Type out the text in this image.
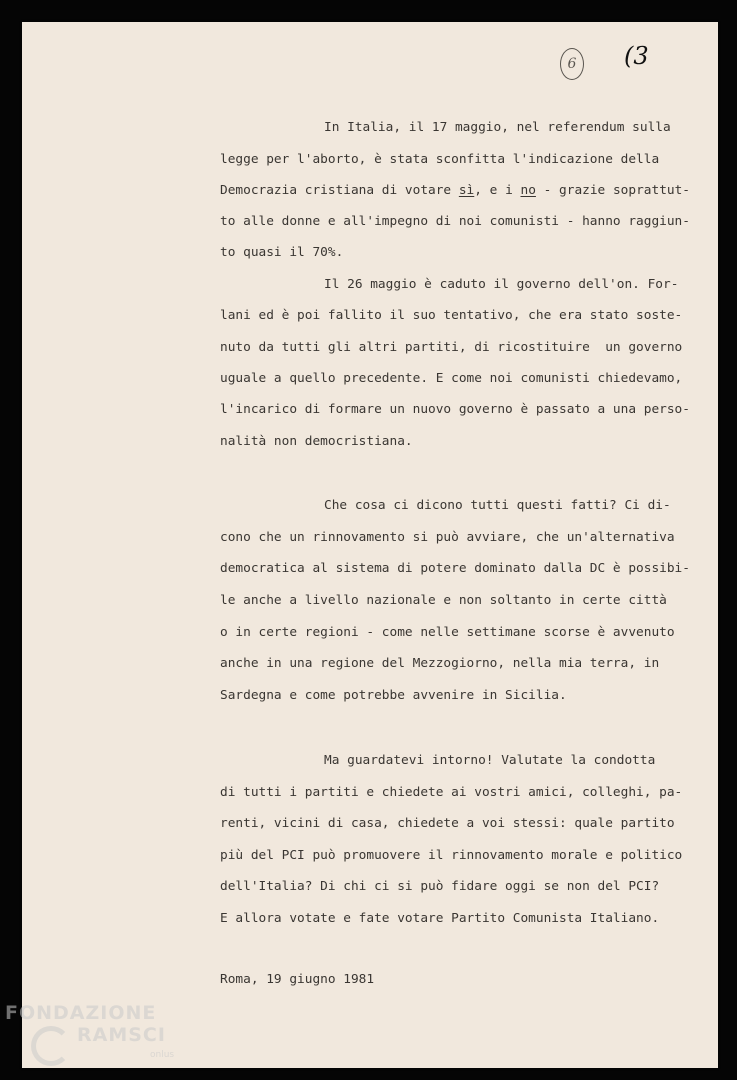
6	(3
In Italia, il 17 maggio, nel referendum sulla
legge per l'aborto, è stata sconfitta l'indicazione della
Democrazia cristiana di votare sì, e i no - grazie soprattut-
to alle donne e all'impegno di noi comunisti - hanno raggiun-
to quasi il 70%.
Il 26 maggio è caduto il governo dell'on. For-
lani ed è poi fallito il suo tentativo, che era stato soste-
nuto da tutti gli altri partiti, di ricostituire  un governo
uguale a quello precedente. E come noi comunisti chiedevamo,
l'incarico di formare un nuovo governo è passato a una perso-
nalità non democristiana.
Che cosa ci dicono tutti questi fatti? Ci di-
cono che un rinnovamento si può avviare, che un'alternativa
democratica al sistema di potere dominato dalla DC è possibi-
le anche a livello nazionale e non soltanto in certe città
o in certe regioni - come nelle settimane scorse è avvenuto
anche in una regione del Mezzogiorno, nella mia terra, in
Sardegna e come potrebbe avvenire in Sicilia.
Ma guardatevi intorno! Valutate la condotta
di tutti i partiti e chiedete ai vostri amici, colleghi, pa-
renti, vicini di casa, chiedete a voi stessi: quale partito
più del PCI può promuovere il rinnovamento morale e politico
dell'Italia? Di chi ci si può fidare oggi se non del PCI?
E allora votate e fate votare Partito Comunista Italiano.
Roma, 19 giugno 1981
FONDAZIONE
RAMSCI
onlus
